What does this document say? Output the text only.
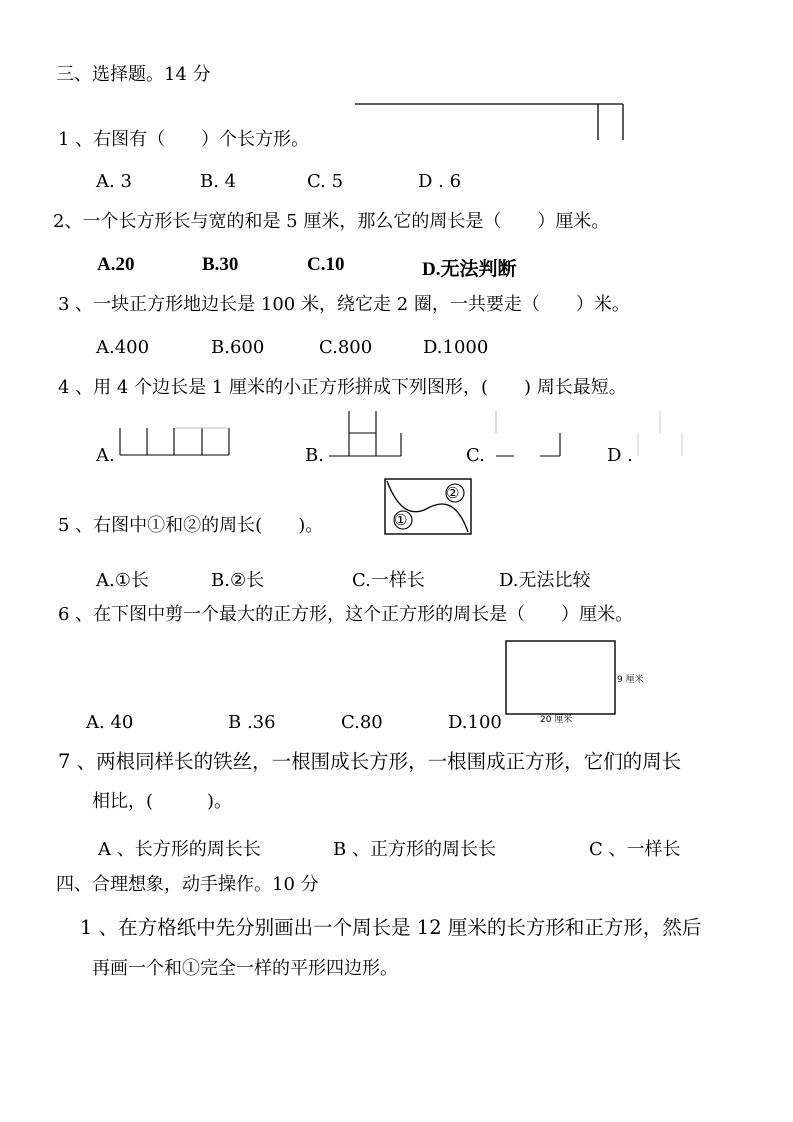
三、选择题。14 分
1 、右图有（　　）个长方形。
A. 3	B. 4	C. 5	D . 6
2、一个长方形长与宽的和是 5 厘米，那么它的周长是（　　）厘米。
A.20	B.30	C.10	D.无法判断
3 、一块正方形地边长是 100 米，绕它走 2 圈，一共要走（　　）米。
A.400	B.600	C.800	D.1000
4 、用 4 个边长是 1 厘米的小正方形拼成下列图形，(　　) 周长最短。
A.	B.	C.	D .
5 、右图中①和②的周长(　　)。
②
①
A.①长	B.②长	C.一样长	D.无法比较
6 、在下图中剪一个最大的正方形，这个正方形的周长是（　　）厘米。
9 厘米
20 厘米
A. 40	B .36	C.80	D.100
7 、两根同样长的铁丝，一根围成长方形，一根围成正方形，它们的周长
相比，(　　　)。
A 、长方形的周长长	B 、正方形的周长长	C 、一样长
四、合理想象，动手操作。10 分
1 、在方格纸中先分别画出一个周长是 12 厘米的长方形和正方形，然后
再画一个和①完全一样的平形四边形。
